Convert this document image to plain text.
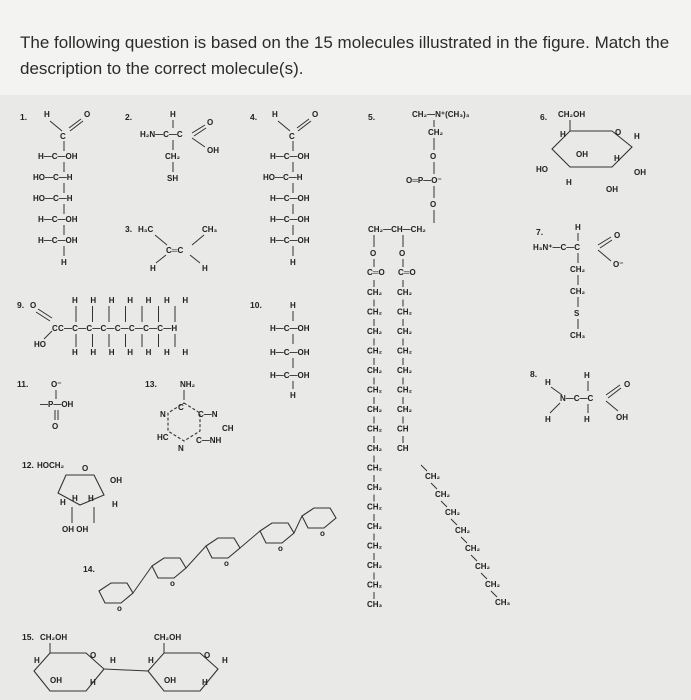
The following question is based on the 15 molecules illustrated in the figure. Match the description to the correct molecule(s).
1. H	O
C
H—C—OH
HO—C—H
HO—C—H
H—C—OH
H—C—OH
H
2.	H
H₂N—C—C
O
OH
CH₂
SH
3. H₃C	CH₃
C═C
H	H
4. H	O
C
H—C—OH
HO—C—H
H—C—OH
H—C—OH
H—C—OH
H
5.	CH₂—N⁺(CH₃)₃
CH₂
O
O═P—O⁻
O
CH₂—CH—CH₂
O	O
C═O C═O
CH₂
CH₂
CH₂
CH₂
CH₂
CH₂
CH₂
CH₂
CH₂
CH₂
CH₂
CH₂
CH₂
CH₂
CH₂
CH₂
CH₃
CH₂
CH₂
CH₂
CH₂
CH₂
CH₂
CH₂
CH
CH
CH₂
CH₂
CH₂
CH₂
CH₂
CH₂
CH₂
CH₃
6. CH₂OH
O
H	H
OH
HO
H
OH
H
OH
7.	H
H₃N⁺—C—C
O
O⁻
CH₂
CH₂
S
CH₃
8.	H
H
N—C—C
O
OH
H	H
9. O
HO
C
H H H H H H H
C—C—C—C—C—C—C—C—H
H H H H H H H
10.	H
H—C—OH
H—C—OH
H—C—OH
H
11.	O⁻
—P—OH
O
12. HOCH₂ O
OH
H H H
H
OH OH
13.	NH₂
N
C
C—N
CH
HC
N
C—NH
14.
o
o
o
o
o
15. CH₂OH
O
H	H
OH	H
CH₂OH
O
H	H
OH	H
